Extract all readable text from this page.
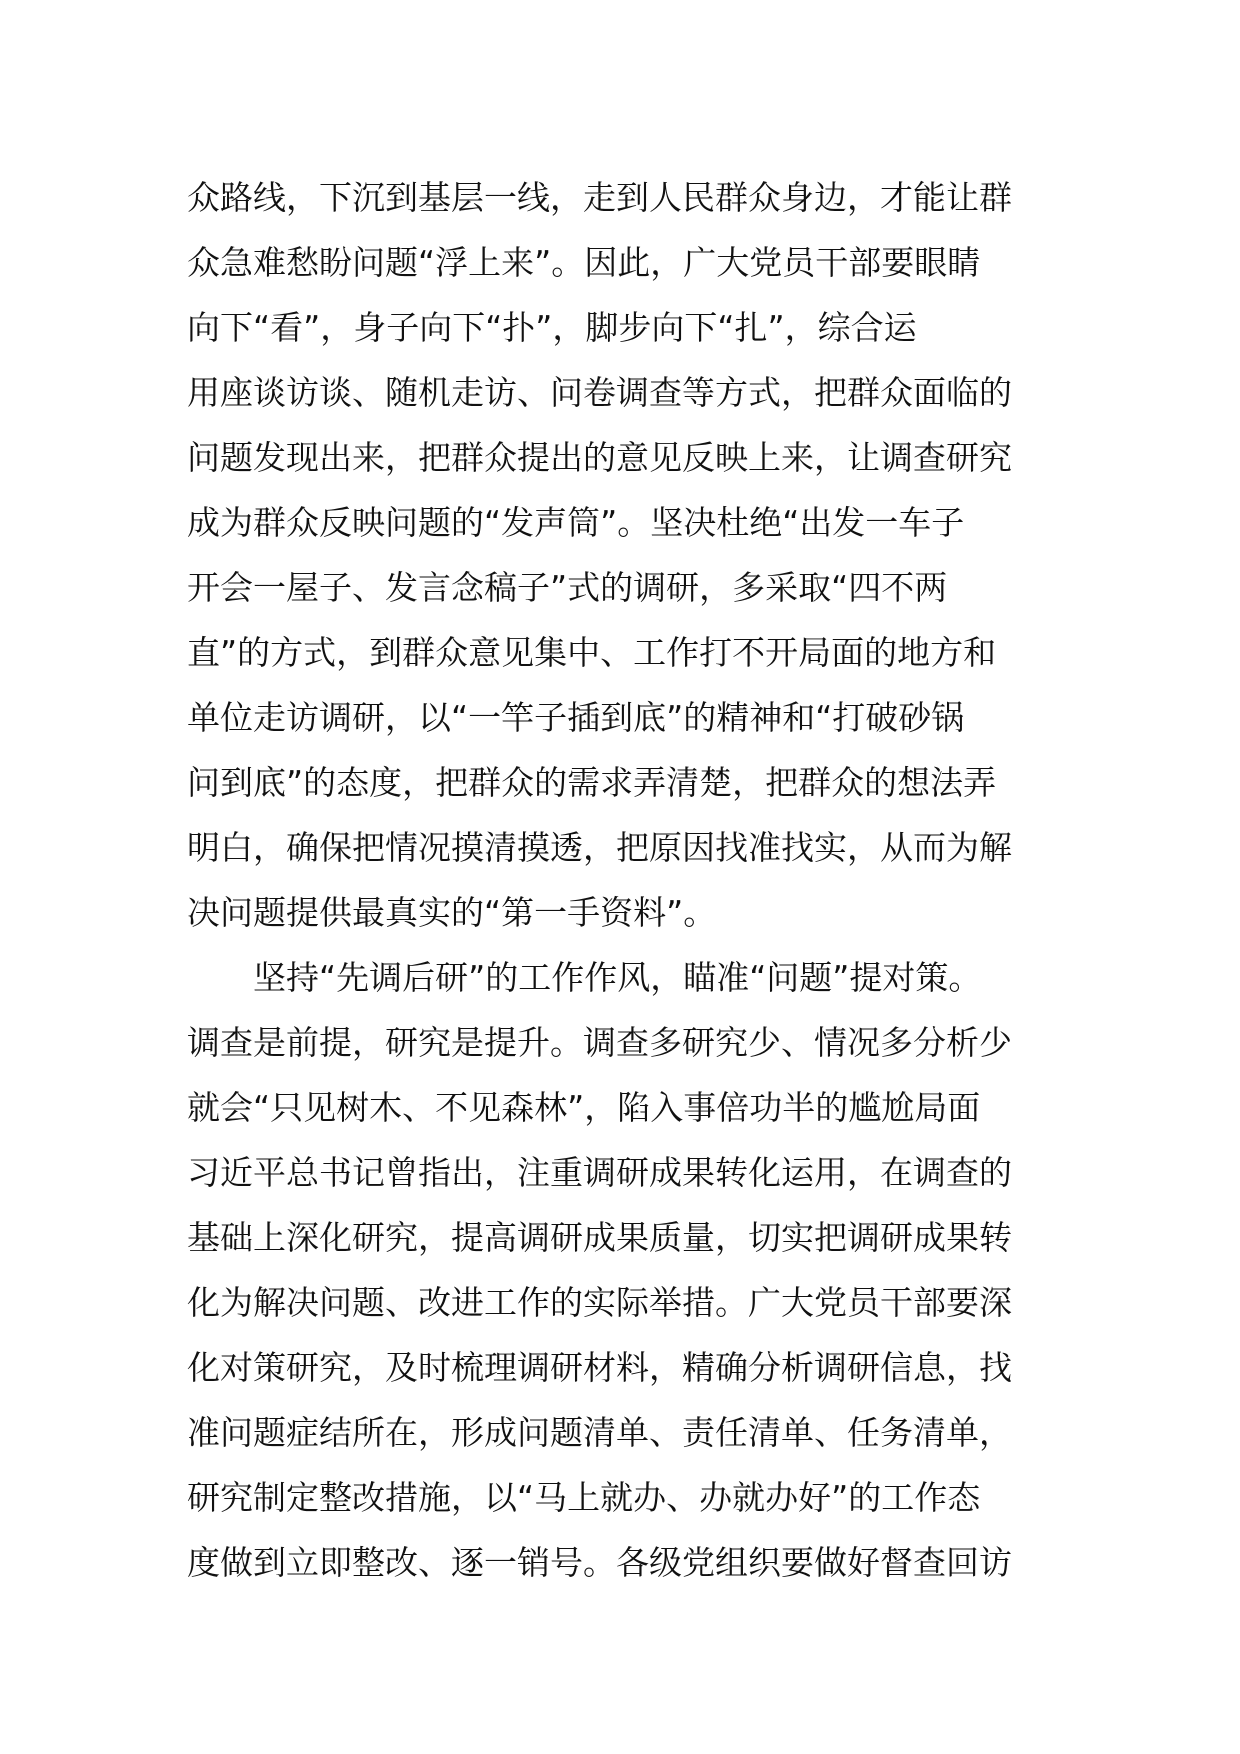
众路线，下沉到基层一线，走到人民群众身边，才能让群
众急难愁盼问题“浮上来”。因此，广大党员干部要眼睛
向下“看”，身子向下“扑”，脚步向下“扎”，综合运
用座谈访谈、随机走访、问卷调查等方式，把群众面临的
问题发现出来，把群众提出的意见反映上来，让调查研究
成为群众反映问题的“发声筒”。坚决杜绝“出发一车子
开会一屋子、发言念稿子”式的调研，多采取“四不两
直”的方式，到群众意见集中、工作打不开局面的地方和
单位走访调研，以“一竿子插到底”的精神和“打破砂锅
问到底”的态度，把群众的需求弄清楚，把群众的想法弄
明白，确保把情况摸清摸透，把原因找准找实，从而为解
决问题提供最真实的“第一手资料”。
　　坚持“先调后研”的工作作风，瞄准“问题”提对策。
调查是前提，研究是提升。调查多研究少、情况多分析少
就会“只见树木、不见森林”，陷入事倍功半的尴尬局面
习近平总书记曾指出，注重调研成果转化运用，在调查的
基础上深化研究，提高调研成果质量，切实把调研成果转
化为解决问题、改进工作的实际举措。广大党员干部要深
化对策研究，及时梳理调研材料，精确分析调研信息，找
准问题症结所在，形成问题清单、责任清单、任务清单，
研究制定整改措施，以“马上就办、办就办好”的工作态
度做到立即整改、逐一销号。各级党组织要做好督查回访
